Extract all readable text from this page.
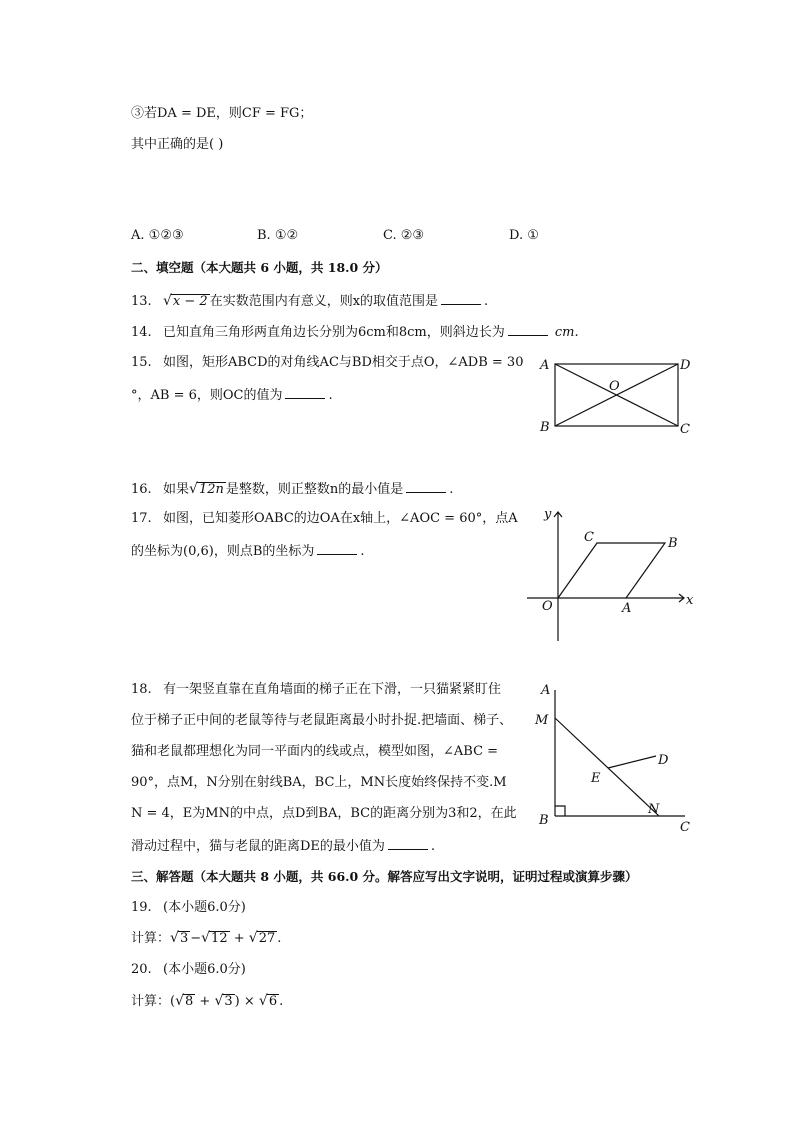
③若DA = DE，则CF = FG；
其中正确的是( )
A. ①②③	B. ①②	C. ②③	D. ①
二、填空题（本大题共 6 小题，共 18.0 分）
13. √x − 2 在实数范围内有意义，则x的取值范围是	.
14. 已知直角三角形两直角边长分别为6cm和8cm，则斜边长为	cm.
15. 如图，矩形ABCD的对角线AC与BD相交于点O，∠ADB = 30
°，AB = 6，则OC的值为	.
A	D
B	C
O
16. 如果√12n 是整数，则正整数n的最小值是	.
17. 如图，已知菱形OABC的边OA在x轴上，∠AOC = 60°，点A
的坐标为(0,6)，则点B的坐标为	.
y
x
O	A
B
C
18. 有一架竖直靠在直角墙面的梯子正在下滑，一只猫紧紧盯住
位于梯子正中间的老鼠等待与老鼠距离最小时扑捉.把墙面、梯子、
猫和老鼠都理想化为同一平面内的线或点，模型如图，∠ABC =
90°，点M，N分别在射线BA，BC上，MN长度始终保持不变.M
N = 4，E为MN的中点，点D到BA，BC的距离分别为3和2，在此
滑动过程中，猫与老鼠的距离DE的最小值为	.
A
M
D
E
N
B	C
三、解答题（本大题共 8 小题，共 66.0 分。解答应写出文字说明，证明过程或演算步骤）
19. (本小题6.0分)
计算：√3 −√12 + √27 .
20. (本小题6.0分)
计算：(√8 + √3 ) × √6 .
